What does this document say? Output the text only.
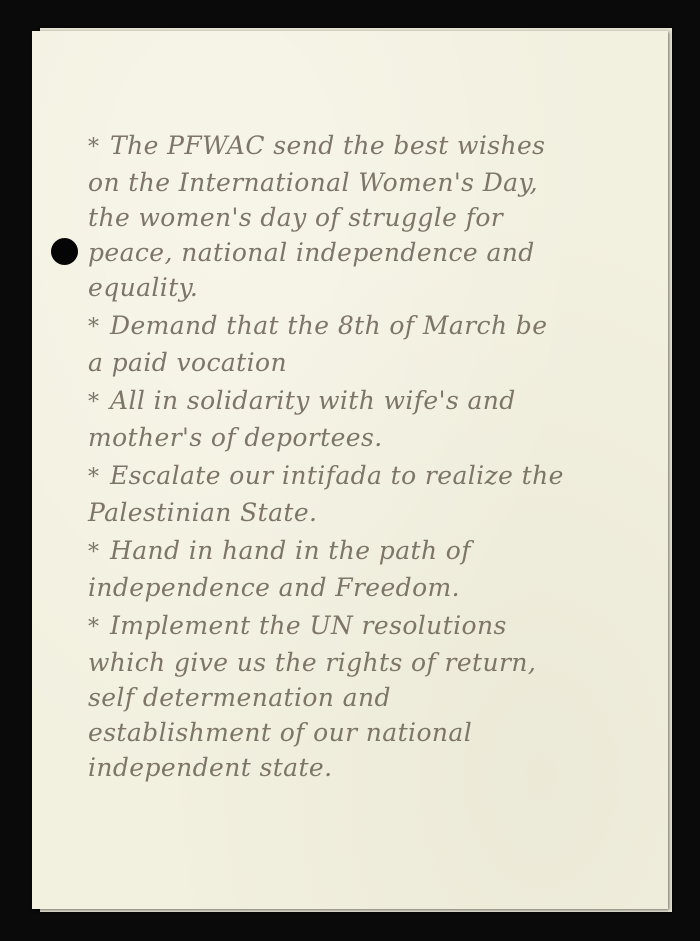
* The PFWAC send the best wishes
on the International Women's Day,
the women's day of struggle for
peace, national independence and
equality.
* Demand that the 8th of March be
a paid vocation
* All in solidarity with wife's and
mother's of deportees.
* Escalate our intifada to realize the
Palestinian State.
* Hand in hand in the path of
independence and Freedom.
* Implement the UN resolutions
which give us the rights of return,
self determenation and
establishment of our national
independent state.
